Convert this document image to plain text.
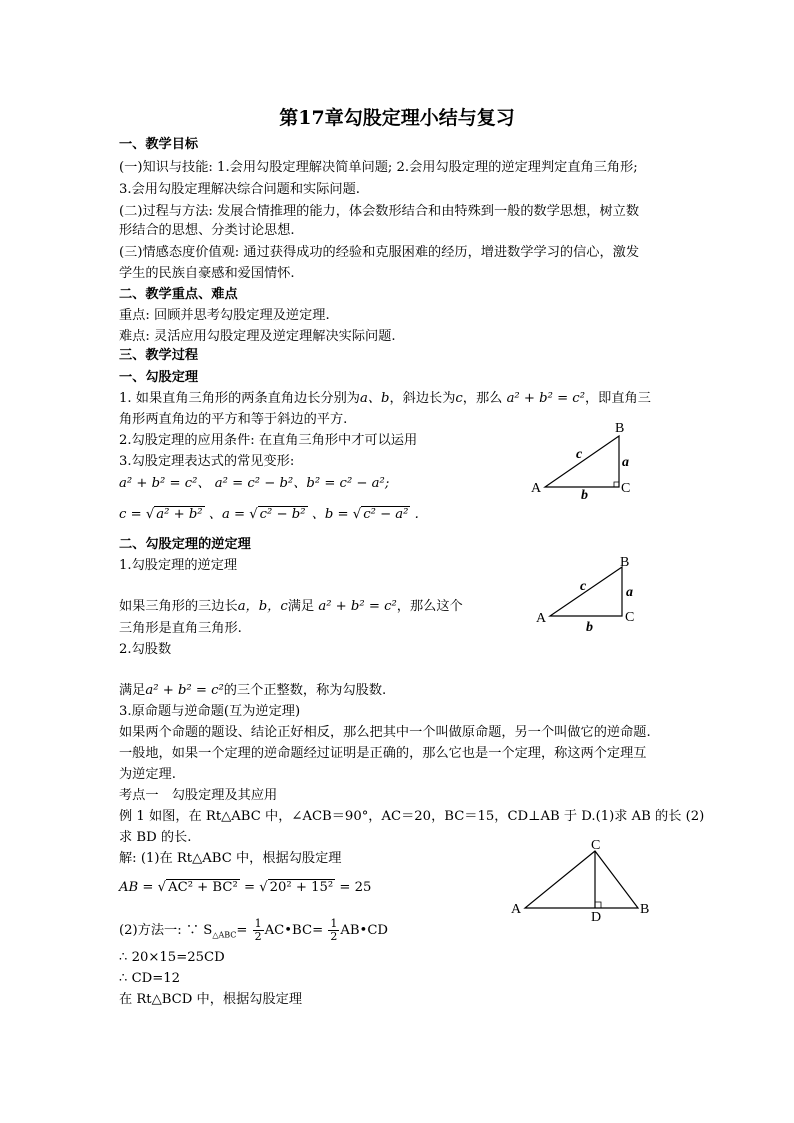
第17章勾股定理小结与复习
一、教学目标
(一)知识与技能: 1.会用勾股定理解决简单问题; 2.会用勾股定理的逆定理判定直角三角形;
3.会用勾股定理解决综合问题和实际问题.
(二)过程与方法: 发展合情推理的能力，体会数形结合和由特殊到一般的数学思想，树立数
形结合的思想、分类讨论思想.
(三)情感态度价值观: 通过获得成功的经验和克服困难的经历，增进数学学习的信心，激发
学生的民族自豪感和爱国情怀.
二、教学重点、难点
重点: 回顾并思考勾股定理及逆定理.
难点: 灵活应用勾股定理及逆定理解决实际问题.
三、教学过程
一、勾股定理
1. 如果直角三角形的两条直角边长分别为a、b，斜边长为c，那么 a² + b² = c²，即直角三
角形两直角边的平方和等于斜边的平方.
2.勾股定理的应用条件: 在直角三角形中才可以运用
3.勾股定理表达式的常见变形:
a² + b² = c²、 a² = c² − b²、b² = c² − a²;
c = √ a² + b² 、a = √ c² − b² 、b = √ c² − a² .
二、勾股定理的逆定理
1.勾股定理的逆定理
如果三角形的三边长a，b，c满足 a² + b² = c²，那么这个
三角形是直角三角形.
2.勾股数
满足a² + b² = c²的三个正整数，称为勾股数.
3.原命题与逆命题(互为逆定理)
如果两个命题的题设、结论正好相反，那么把其中一个叫做原命题，另一个叫做它的逆命题.
一般地，如果一个定理的逆命题经过证明是正确的，那么它也是一个定理，称这两个定理互
为逆定理.
考点一　勾股定理及其应用
例 1 如图，在 Rt△ABC 中，∠ACB＝90°，AC＝20，BC＝15，CD⊥AB 于 D.(1)求 AB 的长 (2)
求 BD 的长.
解: (1)在 Rt△ABC 中，根据勾股定理
AB = √ AC² + BC² = √ 20² + 15² = 25
(2)方法一: ∵ $S_{\triangle ABC}= \frac{1}{2}$ AC•BC= $\frac{1}{2}$ AB•CD
∴ 20×15=25CD
∴ CD=12
在 Rt△BCD 中，根据勾股定理
A
B
C
c
a
b
A
B
C
c	a
b
A
C
B
D
